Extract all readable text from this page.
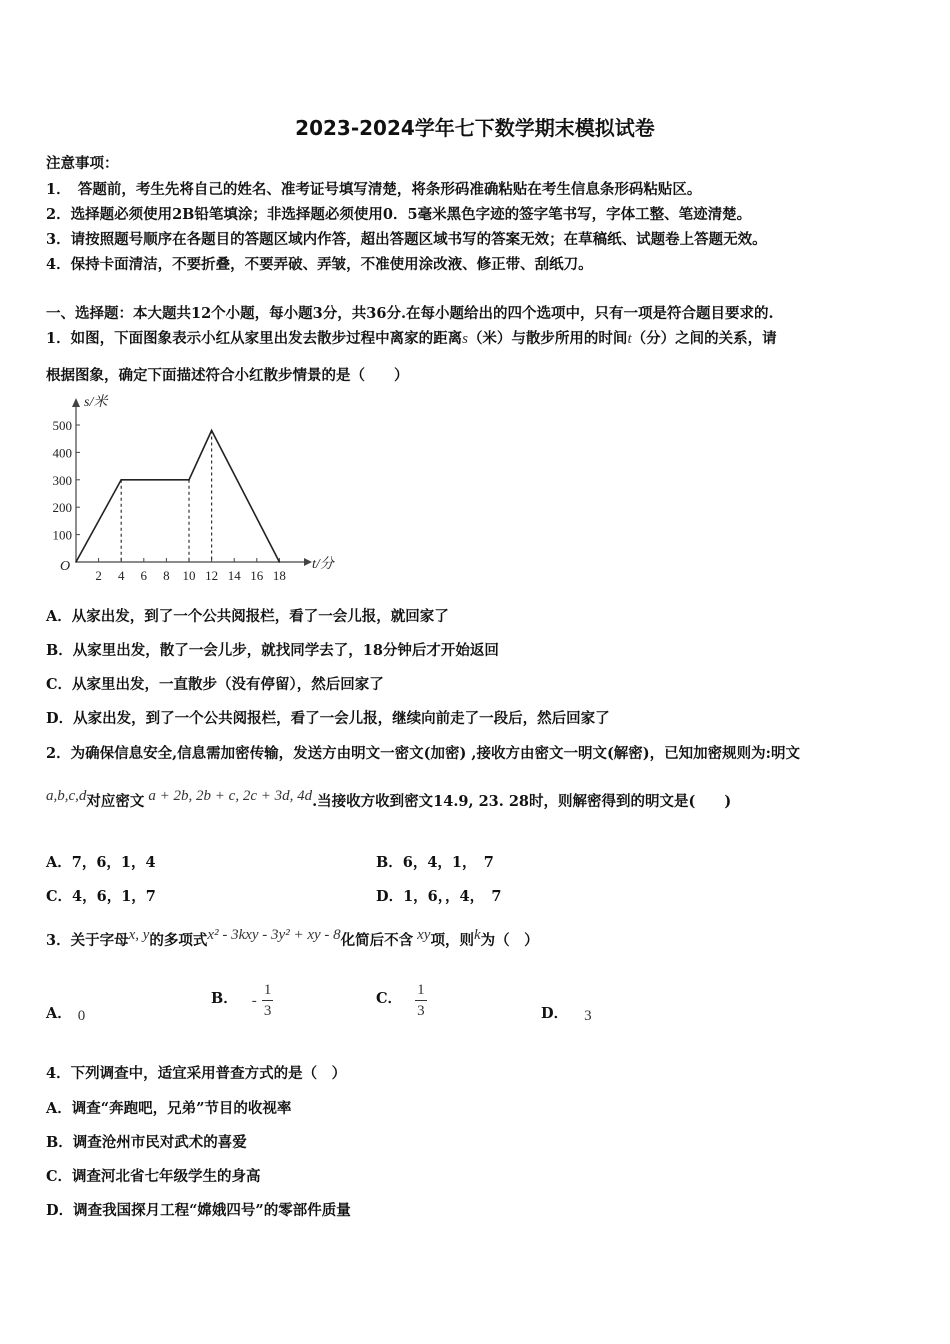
2023-2024学年七下数学期末模拟试卷
注意事项：
1．　答题前，考生先将自己的姓名、准考证号填写清楚，将条形码准确粘贴在考生信息条形码粘贴区。
2．选择题必须使用2B铅笔填涂；非选择题必须使用0．5毫米黑色字迹的签字笔书写，字体工整、笔迹清楚。
3．请按照题号顺序在各题目的答题区域内作答，超出答题区域书写的答案无效；在草稿纸、试题卷上答题无效。
4．保持卡面清洁，不要折叠，不要弄破、弄皱，不准使用涂改液、修正带、刮纸刀。
一、选择题：本大题共12个小题，每小题3分，共36分.在每小题给出的四个选项中，只有一项是符合题目要求的.
1．如图，下面图象表示小红从家里出发去散步过程中离家的距离s（米）与散步所用的时间t（分）之间的关系，请
根据图象，确定下面描述符合小红散步情景的是（　　）
s/米
t/分
O
100
200
300
400
500
2 4 6 8 10 12 14 16 18
A．从家出发，到了一个公共阅报栏，看了一会儿报，就回家了
B．从家里出发，散了一会儿步，就找同学去了，18分钟后才开始返回
C．从家里出发，一直散步（没有停留），然后回家了
D．从家出发，到了一个公共阅报栏，看了一会儿报，继续向前走了一段后，然后回家了
2．为确保信息安全,信息需加密传输，发送方由明文一密文(加密) ,接收方由密文一明文(解密)，已知加密规则为:明文
a,b,c,d对应密文 a + 2b, 2b + c, 2c + 3d, 4d.当接收方收到密文14.9, 23. 28时，则解密得到的明文是(　　)
A．7，6，1，4	B．6，4，1，　7
C．4，6，1，7	D．1，6，，4，　7
3．关于字母x, y的多项式x² - 3kxy - 3y² + xy - 8化简后不含 xy项，则k为（　）
A． 0
B． - $\frac{1}{3}$	C． $\frac{1}{3}$	D． 3
4．下列调查中，适宜采用普查方式的是（　）
A．调查“奔跑吧，兄弟”节目的收视率
B．调查沧州市民对武术的喜爱
C．调查河北省七年级学生的身高
D．调查我国探月工程“嫦娥四号”的零部件质量
